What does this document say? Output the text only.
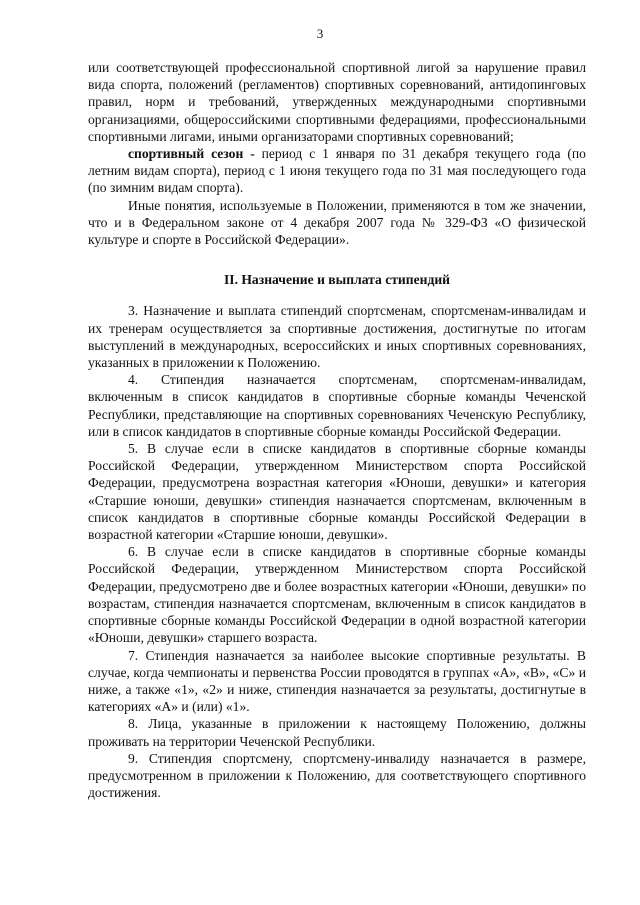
3

или соответствующей профессиональной спортивной лигой за нарушение правил вида спорта, положений (регламентов) спортивных соревнований, антидопинговых правил, норм и требований, утвержденных международными спортивными организациями, общероссийскими спортивными федерациями, профессиональными спортивными лигами, иными организаторами спортивных соревнований;

спортивный сезон - период с 1 января по 31 декабря текущего года (по летним видам спорта), период с 1 июня текущего года по 31 мая последующего года (по зимним видам спорта).

Иные понятия, используемые в Положении, применяются в том же значении, что и в Федеральном законе от 4 декабря 2007 года № 329-ФЗ «О физической культуре и спорте в Российской Федерации».

II. Назначение и выплата стипендий

3. Назначение и выплата стипендий спортсменам, спортсменам-инвалидам и их тренерам осуществляется за спортивные достижения, достигнутые по итогам выступлений в международных, всероссийских и иных спортивных соревнованиях, указанных в приложении к Положению.

4. Стипендия назначается спортсменам, спортсменам-инвалидам, включенным в список кандидатов в спортивные сборные команды Чеченской Республики, представляющие на спортивных соревнованиях Чеченскую Республику, или в список кандидатов в спортивные сборные команды Российской Федерации.

5. В случае если в списке кандидатов в спортивные сборные команды Российской Федерации, утвержденном Министерством спорта Российской Федерации, предусмотрена возрастная категория «Юноши, девушки» и категория «Старшие юноши, девушки» стипендия назначается спортсменам, включенным в список кандидатов в спортивные сборные команды Российской Федерации в возрастной категории «Старшие юноши, девушки».

6. В случае если в списке кандидатов в спортивные сборные команды Российской Федерации, утвержденном Министерством спорта Российской Федерации, предусмотрено две и более возрастных категории «Юноши, девушки» по возрастам, стипендия назначается спортсменам, включенным в список кандидатов в спортивные сборные команды Российской Федерации в одной возрастной категории «Юноши, девушки» старшего возраста.

7. Стипендия назначается за наиболее высокие спортивные результаты. В случае, когда чемпионаты и первенства России проводятся в группах «А», «В», «С» и ниже, а также «1», «2» и ниже, стипендия назначается за результаты, достигнутые в категориях «А» и (или) «1».

8. Лица, указанные в приложении к настоящему Положению, должны проживать на территории Чеченской Республики.

9. Стипендия спортсмену, спортсмену-инвалиду назначается в размере, предусмотренном в приложении к Положению, для соответствующего спортивного достижения.
